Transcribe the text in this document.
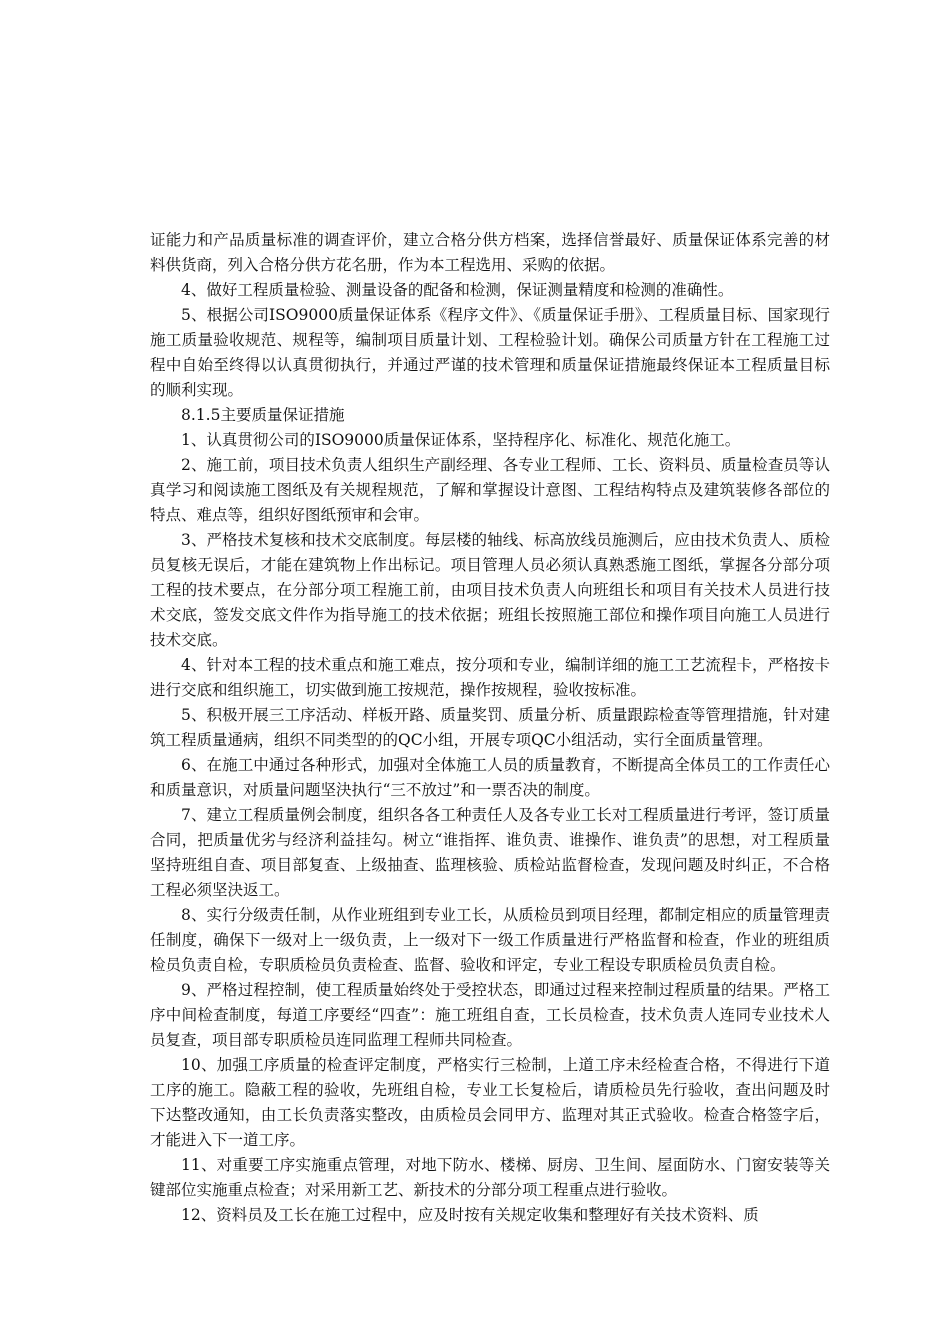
证能力和产品质量标准的调查评价，建立合格分供方档案，选择信誉最好、质量保证体系完善的材料供货商，列入合格分供方花名册，作为本工程选用、采购的依据。

4、做好工程质量检验、测量设备的配备和检测，保证测量精度和检测的准确性。

5、根据公司ISO9000质量保证体系《程序文件》、《质量保证手册》、工程质量目标、国家现行施工质量验收规范、规程等，编制项目质量计划、工程检验计划。确保公司质量方针在工程施工过程中自始至终得以认真贯彻执行，并通过严谨的技术管理和质量保证措施最终保证本工程质量目标的顺利实现。

8.1.5主要质量保证措施

1、认真贯彻公司的ISO9000质量保证体系，坚持程序化、标准化、规范化施工。

2、施工前，项目技术负责人组织生产副经理、各专业工程师、工长、资料员、质量检查员等认真学习和阅读施工图纸及有关规程规范，了解和掌握设计意图、工程结构特点及建筑装修各部位的特点、难点等，组织好图纸预审和会审。

3、严格技术复核和技术交底制度。每层楼的轴线、标高放线员施测后，应由技术负责人、质检员复核无误后，才能在建筑物上作出标记。项目管理人员必须认真熟悉施工图纸，掌握各分部分项工程的技术要点，在分部分项工程施工前，由项目技术负责人向班组长和项目有关技术人员进行技术交底，签发交底文件作为指导施工的技术依据；班组长按照施工部位和操作项目向施工人员进行技术交底。

4、针对本工程的技术重点和施工难点，按分项和专业，编制详细的施工工艺流程卡，严格按卡进行交底和组织施工，切实做到施工按规范，操作按规程，验收按标准。

5、积极开展三工序活动、样板开路、质量奖罚、质量分析、质量跟踪检查等管理措施，针对建筑工程质量通病，组织不同类型的的QC小组，开展专项QC小组活动，实行全面质量管理。

6、在施工中通过各种形式，加强对全体施工人员的质量教育，不断提高全体员工的工作责任心和质量意识，对质量问题坚決执行“三不放过”和一票否决的制度。

7、建立工程质量例会制度，组织各各工种责任人及各专业工长对工程质量进行考评，签订质量合同，把质量优劣与经济利益挂勾。树立“谁指挥、谁负责、谁操作、谁负责”的思想，对工程质量坚持班组自查、项目部复查、上级抽查、监理核验、质检站监督检查，发现问题及时纠正，不合格工程必须坚決返工。

8、实行分级责任制，从作业班组到专业工长，从质检员到项目经理，都制定相应的质量管理责任制度，确保下一级对上一级负责，上一级对下一级工作质量进行严格监督和检查，作业的班组质检员负责自检，专职质检员负责检查、监督、验收和评定，专业工程设专职质检员负责自检。

9、严格过程控制，使工程质量始终处于受控状态，即通过过程来控制过程质量的结果。严格工序中间检查制度，每道工序要经“四查”：施工班组自查，工长员检查，技术负责人连同专业技术人员复查，项目部专职质检员连同监理工程师共同检查。

10、加强工序质量的检查评定制度，严格实行三检制，上道工序未经检查合格，不得进行下道工序的施工。隐蔽工程的验收，先班组自检，专业工长复检后，请质检员先行验收，查出问题及时下达整改通知，由工长负责落实整改，由质检员会同甲方、监理对其正式验收。检查合格签字后，才能进入下一道工序。

11、对重要工序实施重点管理，对地下防水、楼梯、厨房、卫生间、屋面防水、门窗安装等关键部位实施重点检查；对采用新工艺、新技术的分部分项工程重点进行验收。

12、资料员及工长在施工过程中，应及时按有关规定收集和整理好有关技术资料、质
